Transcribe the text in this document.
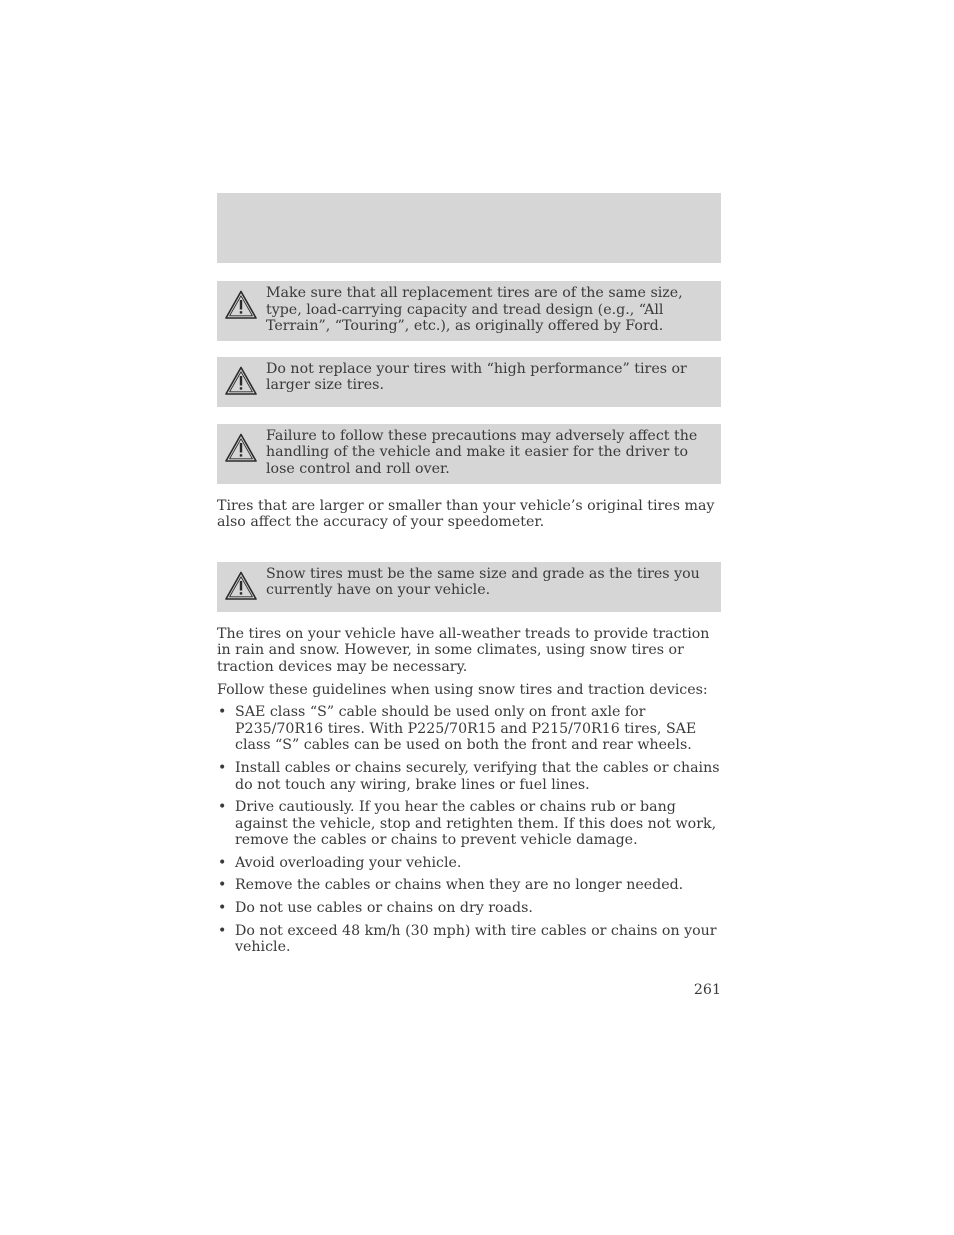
Make sure that all replacement tires are of the same size, type, load-carrying capacity and tread design (e.g., “All Terrain”, “Touring”, etc.), as originally offered by Ford.
Do not replace your tires with “high performance” tires or larger size tires.
Failure to follow these precautions may adversely affect the handling of the vehicle and make it easier for the driver to lose control and roll over.

Tires that are larger or smaller than your vehicle’s original tires may also affect the accuracy of your speedometer.

Snow tires must be the same size and grade as the tires you currently have on your vehicle.

The tires on your vehicle have all-weather treads to provide traction in rain and snow. However, in some climates, using snow tires or traction devices may be necessary.

Follow these guidelines when using snow tires and traction devices:

• SAE class “S” cable should be used only on front axle for P235/70R16 tires. With P225/70R15 and P215/70R16 tires, SAE class “S” cables can be used on both the front and rear wheels.
• Install cables or chains securely, verifying that the cables or chains do not touch any wiring, brake lines or fuel lines.
• Drive cautiously. If you hear the cables or chains rub or bang against the vehicle, stop and retighten them. If this does not work, remove the cables or chains to prevent vehicle damage.
• Avoid overloading your vehicle.
• Remove the cables or chains when they are no longer needed.
• Do not use cables or chains on dry roads.
• Do not exceed 48 km/h (30 mph) with tire cables or chains on your vehicle.
261
